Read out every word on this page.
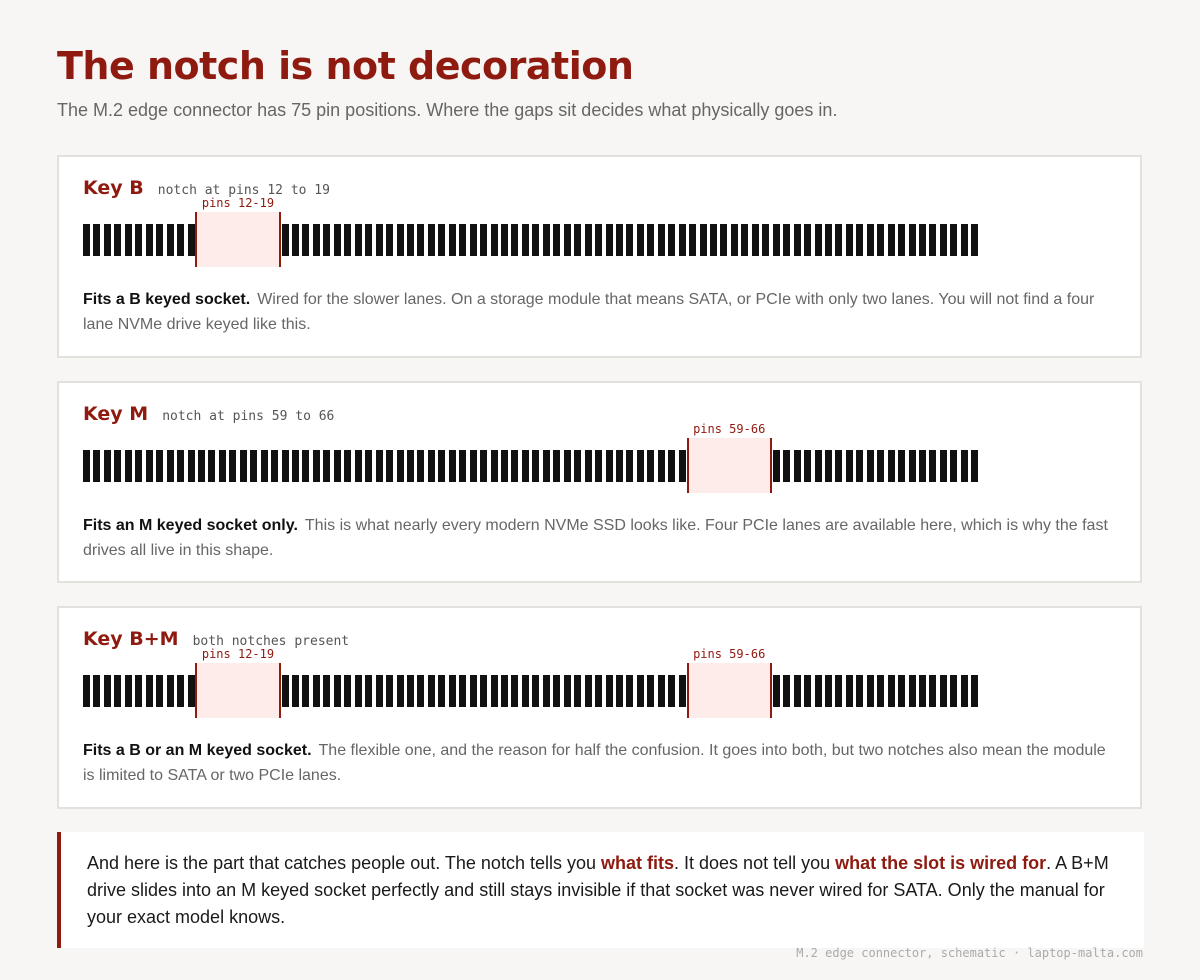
The notch is not decoration
The M.2 edge connector has 75 pin positions. Where the gaps sit decides what physically goes in.
Key B notch at pins 12 to 19
pins 12-19
Fits a B keyed socket. Wired for the slower lanes. On a storage module that means SATA, or PCIe with only two lanes. You will not find a four lane NVMe drive keyed like this.
Key M notch at pins 59 to 66
pins 59-66
Fits an M keyed socket only. This is what nearly every modern NVMe SSD looks like. Four PCIe lanes are available here, which is why the fast drives all live in this shape.
Key B+M both notches present
pins 12-19	pins 59-66
Fits a B or an M keyed socket. The flexible one, and the reason for half the confusion. It goes into both, but two notches also mean the module is limited to SATA or two PCIe lanes.
And here is the part that catches people out. The notch tells you what fits. It does not tell you what the slot is wired for. A B+M drive slides into an M keyed socket perfectly and still stays invisible if that socket was never wired for SATA. Only the manual for your exact model knows.
M.2 edge connector, schematic · laptop-malta.com
